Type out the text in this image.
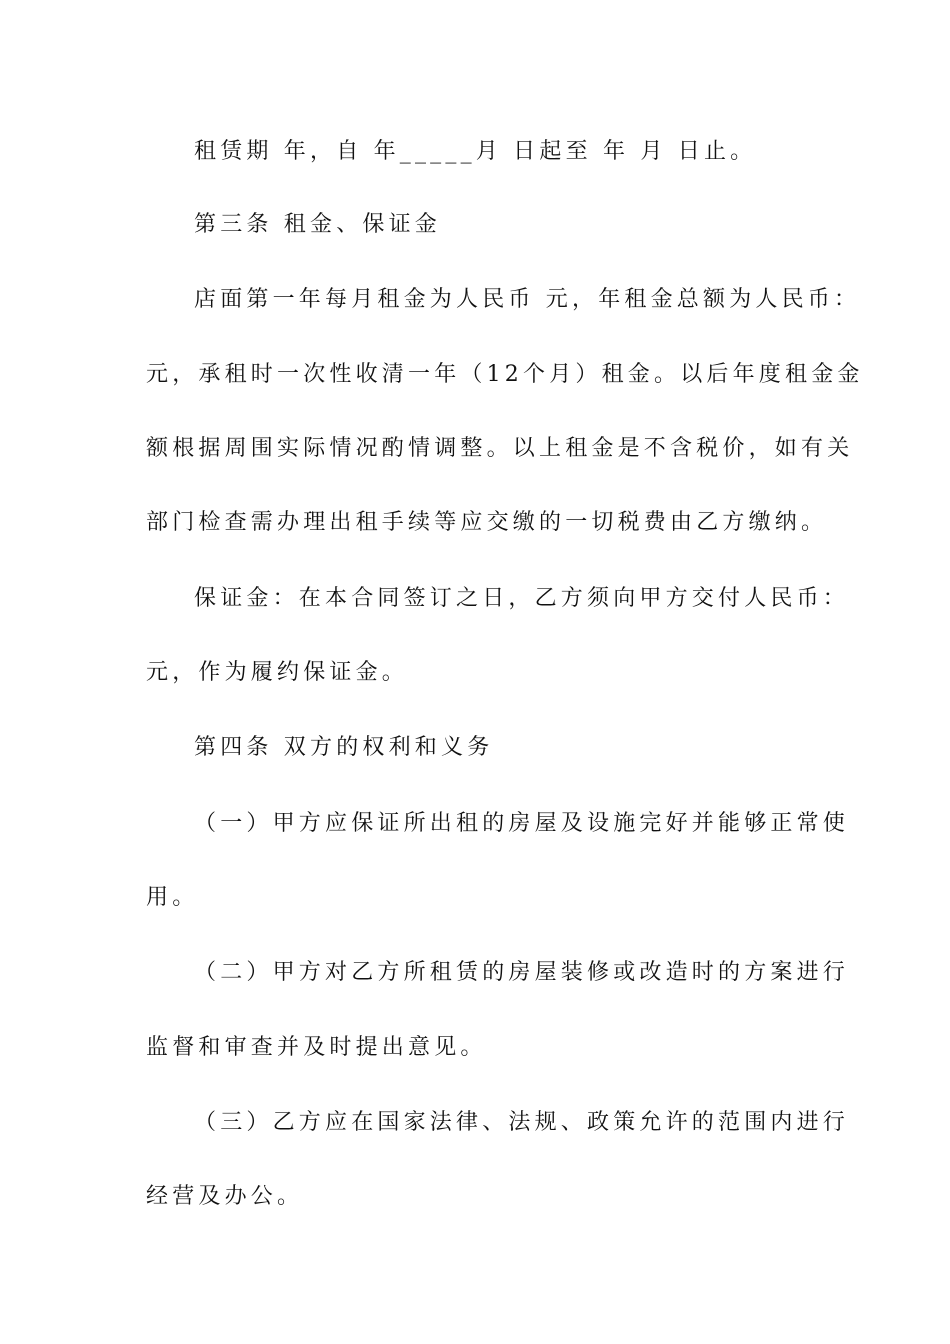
租赁期 年，自 年_____月 日起至 年 月 日止。
第三条 租金、保证金
店面第一年每月租金为人民币 元，年租金总额为人民币：
元，承租时一次性收清一年（12个月）租金。以后年度租金金
额根据周围实际情况酌情调整。以上租金是不含税价，如有关
部门检查需办理出租手续等应交缴的一切税费由乙方缴纳。
保证金：在本合同签订之日，乙方须向甲方交付人民币：
元，作为履约保证金。
第四条 双方的权利和义务
（一）甲方应保证所出租的房屋及设施完好并能够正常使
用。
（二）甲方对乙方所租赁的房屋装修或改造时的方案进行
监督和审查并及时提出意见。
（三）乙方应在国家法律、法规、政策允许的范围内进行
经营及办公。
